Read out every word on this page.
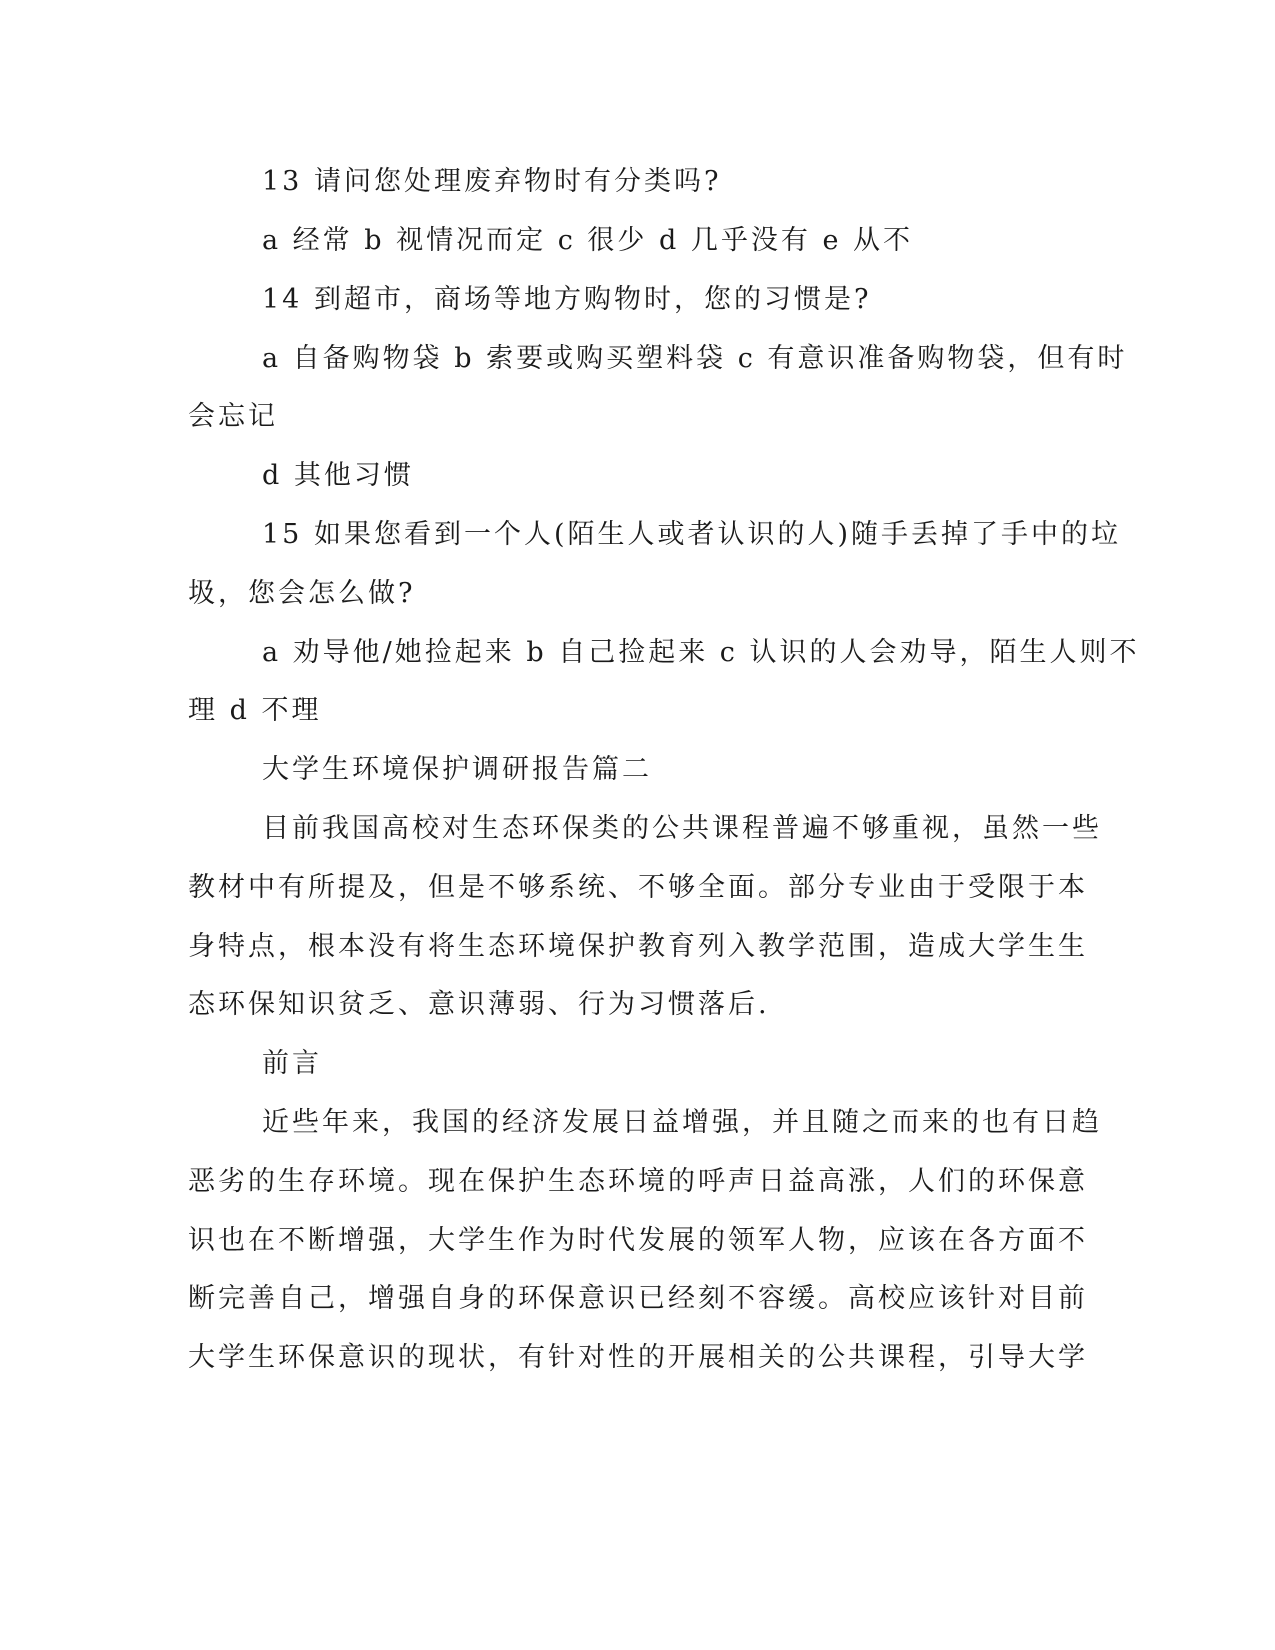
13 请问您处理废弃物时有分类吗?
a 经常 b 视情况而定 c 很少 d 几乎没有 e 从不
14 到超市，商场等地方购物时，您的习惯是?
a 自备购物袋 b 索要或购买塑料袋 c 有意识准备购物袋，但有时
会忘记
d 其他习惯
15 如果您看到一个人(陌生人或者认识的人)随手丢掉了手中的垃
圾，您会怎么做?
a 劝导他/她捡起来 b 自己捡起来 c 认识的人会劝导，陌生人则不
理 d 不理
大学生环境保护调研报告篇二
目前我国高校对生态环保类的公共课程普遍不够重视，虽然一些
教材中有所提及，但是不够系统、不够全面。部分专业由于受限于本
身特点，根本没有将生态环境保护教育列入教学范围，造成大学生生
态环保知识贫乏、意识薄弱、行为习惯落后.
前言
近些年来，我国的经济发展日益增强，并且随之而来的也有日趋
恶劣的生存环境。现在保护生态环境的呼声日益高涨，人们的环保意
识也在不断增强，大学生作为时代发展的领军人物，应该在各方面不
断完善自己，增强自身的环保意识已经刻不容缓。高校应该针对目前
大学生环保意识的现状，有针对性的开展相关的公共课程，引导大学
